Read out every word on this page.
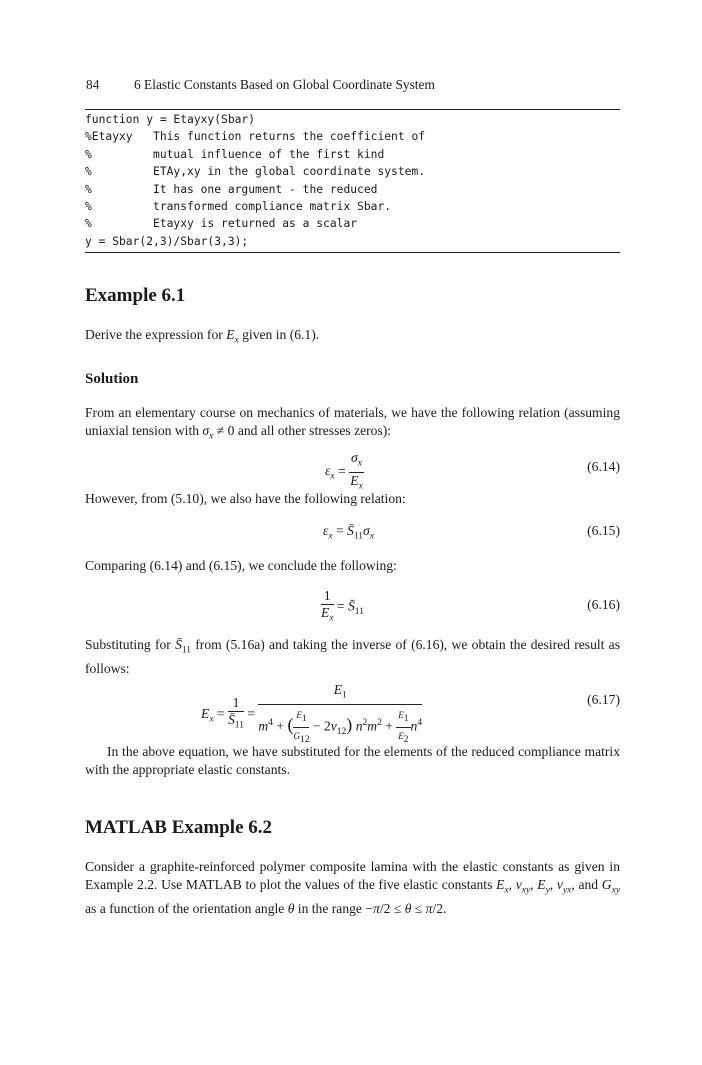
84	6 Elastic Constants Based on Global Coordinate System
function y = Etayxy(Sbar)
%Etayxy   This function returns the coefficient of
%         mutual influence of the first kind
%         ETAy,xy in the global coordinate system.
%         It has one argument - the reduced
%         transformed compliance matrix Sbar.
%         Etayxy is returned as a scalar
y = Sbar(2,3)/Sbar(3,3);
Example 6.1
Derive the expression for $E_x$ given in (6.1).
Solution
From an elementary course on mechanics of materials, we have the following relation (assuming uniaxial tension with $\sigma_x \ne 0$ and all other stresses zeros):
$\varepsilon_x = \frac{\sigma_x}{E_x}$	(6.14)
However, from (5.10), we also have the following relation:
$\varepsilon_x$ = $S̄_{11}\sigma_x$	(6.15)
Comparing (6.14) and (6.15), we conclude the following:
$\frac{1}{E_x}$ = $S̄_{11}$
(6.16)
Substituting for $S̄_{11}$ from (5.16a) and taking the inverse of (6.16), we obtain the desired result as follows:
$E_x = \frac{1}{S̄_{11}} = \frac{E_1}{m^4 + ( \frac{E_1}{G_{12}} - 2\nu_{12}) n^2m^2 + \frac{E_1}{E_2} n^4}$	(6.17)
In the above equation, we have substituted for the elements of the reduced compliance matrix with the appropriate elastic constants.
MATLAB Example 6.2
Consider a graphite-reinforced polymer composite lamina with the elastic constants as given in Example 2.2. Use MATLAB to plot the values of the five elastic constants $E_x$, $\nu_{xy}$, $E_y$, $\nu_{yx}$, and $G_{xy}$ as a function of the orientation angle θ in the range −π/2 ≤ θ ≤ π/2.
